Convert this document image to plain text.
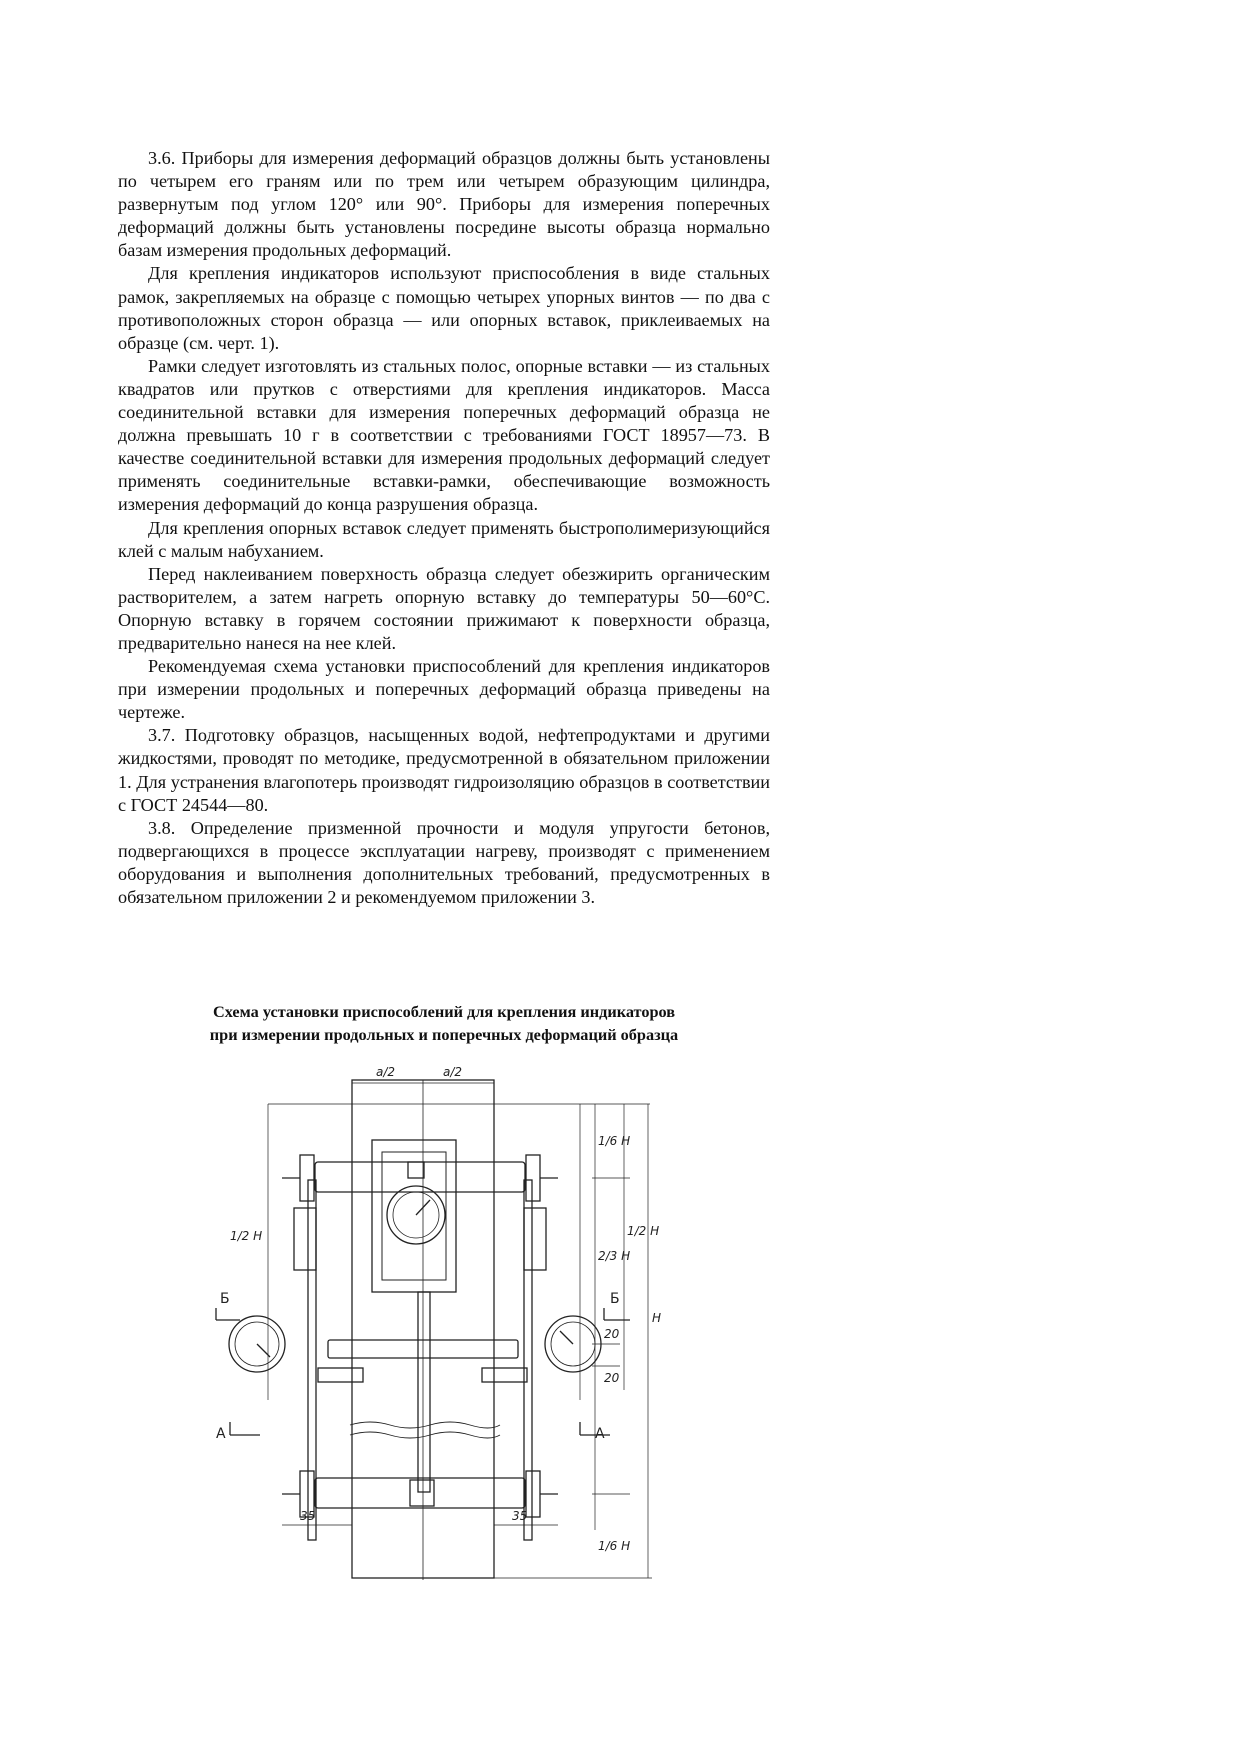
3.6. Приборы для измерения деформаций образцов должны быть установлены по четырем его граням или по трем или четырем образующим цилиндра, развернутым под углом 120° или 90°. Приборы для измерения поперечных деформаций должны быть установлены посредине высоты образца нормально базам измерения продольных деформаций.

Для крепления индикаторов используют приспособления в виде стальных рамок, закрепляемых на образце с помощью четырех упорных винтов — по два с противоположных сторон образца — или опорных вставок, приклеиваемых на образце (см. черт. 1).

Рамки следует изготовлять из стальных полос, опорные вставки — из стальных квадратов или прутков с отверстиями для крепления индикаторов. Масса соединительной вставки для измерения поперечных деформаций образца не должна превышать 10 г в соответствии с требованиями ГОСТ 18957—73. В качестве соединительной вставки для измерения продольных деформаций следует применять соединительные вставки-рамки, обеспечивающие возможность измерения деформаций до конца разрушения образца.

Для крепления опорных вставок следует применять быстрополимеризующийся клей с малым набуханием.

Перед наклеиванием поверхность образца следует обезжирить органическим растворителем, а затем нагреть опорную вставку до температуры 50—60°С. Опорную вставку в горячем состоянии прижимают к поверхности образца, предварительно нанеся на нее клей.

Рекомендуемая схема установки приспособлений для крепления индикаторов при измерении продольных и поперечных деформаций образца приведены на чертеже.

3.7. Подготовку образцов, насыщенных водой, нефтепродуктами и другими жидкостями, проводят по методике, предусмотренной в обязательном приложении 1. Для устранения влагопотерь производят гидроизоляцию образцов в соответствии с ГОСТ 24544—80.

3.8. Определение призменной прочности и модуля упругости бетонов, подвергающихся в процессе эксплуатации нагреву, производят с применением оборудования и выполнения дополнительных требований, предусмотренных в обязательном приложении 2 и рекомендуемом приложении 3.

Схема установки приспособлений для крепления индикаторов
при измерении продольных и поперечных деформаций образца
a/2	a/2
Б	Б
А	А
35	35
1/6 H
2/3 H
1/2 H
20
20
H
1/2 H
1/6 H
